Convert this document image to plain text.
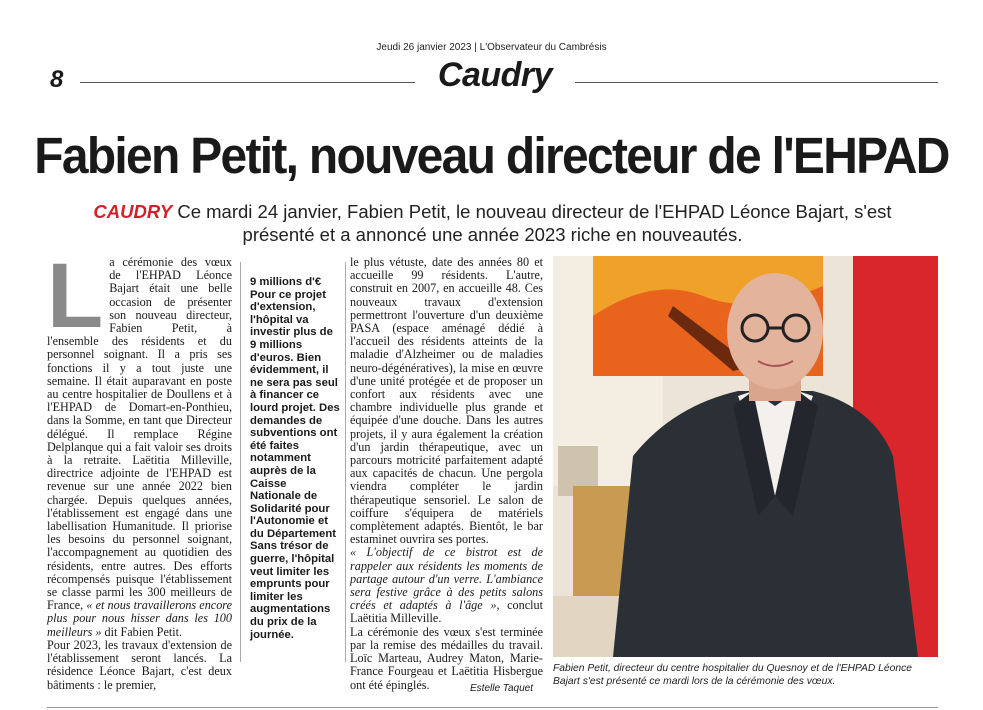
Jeudi 26 janvier 2023 | L'Observateur du Cambrésis
8	Caudry
Fabien Petit, nouveau directeur de l'EHPAD
CAUDRY Ce mardi 24 janvier, Fabien Petit, le nouveau directeur de l'EHPAD Léonce Bajart, s'est présenté et a annoncé une année 2023 riche en nouveautés.
L a cérémonie des vœux de l'EHPAD Léonce Bajart était une belle occasion de présenter son nouveau directeur, Fabien Petit, à l'ensemble des résidents et du personnel soignant. Il a pris ses fonctions il y a tout juste une semaine. Il était auparavant en poste au centre hospitalier de Doullens et à l'EHPAD de Domart-en-Ponthieu, dans la Somme, en tant que Directeur délégué. Il remplace Régine Delplanque qui a fait valoir ses droits à la retraite. Laëtitia Milleville, directrice adjointe de l'EHPAD est revenue sur une année 2022 bien chargée. Depuis quelques années, l'établissement est engagé dans une labellisation Humanitude. Il priorise les besoins du personnel soignant, l'accompagnement au quotidien des résidents, entre autres. Des efforts récompensés puisque l'établissement se classe parmi les 300 meilleurs de France, « et nous travaillerons encore plus pour nous hisser dans les 100 meilleurs » dit Fabien Petit.

Pour 2023, les travaux d'extension de l'établissement seront lancés. La résidence Léonce Bajart, c'est deux bâtiments : le premier,

9 millions d'€ Pour ce projet d'extension, l'hôpital va investir plus de 9 millions d'euros. Bien évidemment, il ne sera pas seul à financer ce lourd projet. Des demandes de subventions ont été faites notamment auprès de la Caisse Nationale de Solidarité pour l'Autonomie et du Département Sans trésor de guerre, l'hôpital veut limiter les emprunts pour limiter les augmentations du prix de la journée.

le plus vétuste, date des années 80 et accueille 99 résidents. L'autre, construit en 2007, en accueille 48. Ces nouveaux travaux d'extension permettront l'ouverture d'un deuxième PASA (espace aménagé dédié à l'accueil des résidents atteints de la maladie d'Alzheimer ou de maladies neuro-dégénératives), la mise en œuvre d'une unité protégée et de proposer un confort aux résidents avec une chambre individuelle plus grande et équipée d'une douche. Dans les autres projets, il y aura également la création d'un jardin thérapeutique, avec un parcours motricité parfaitement adapté aux capacités de chacun. Une pergola viendra compléter le jardin thérapeutique sensoriel. Le salon de coiffure s'équipera de matériels complètement adaptés. Bientôt, le bar estaminet ouvrira ses portes.

« L'objectif de ce bistrot est de rappeler aux résidents les moments de partage autour d'un verre. L'ambiance sera festive grâce à des petits salons créés et adaptés à l'âge », conclut Laëtitia Milleville.

La cérémonie des vœux s'est terminée par la remise des médailles du travail. Loïc Marteau, Audrey Maton, Marie-France Fourgeau et Laëtitia Hisbergue ont été épinglés.	Estelle Taquet
Fabien Petit, directeur du centre hospitalier du Quesnoy et de l'EHPAD Léonce Bajart s'est présenté ce mardi lors de la cérémonie des vœux.
